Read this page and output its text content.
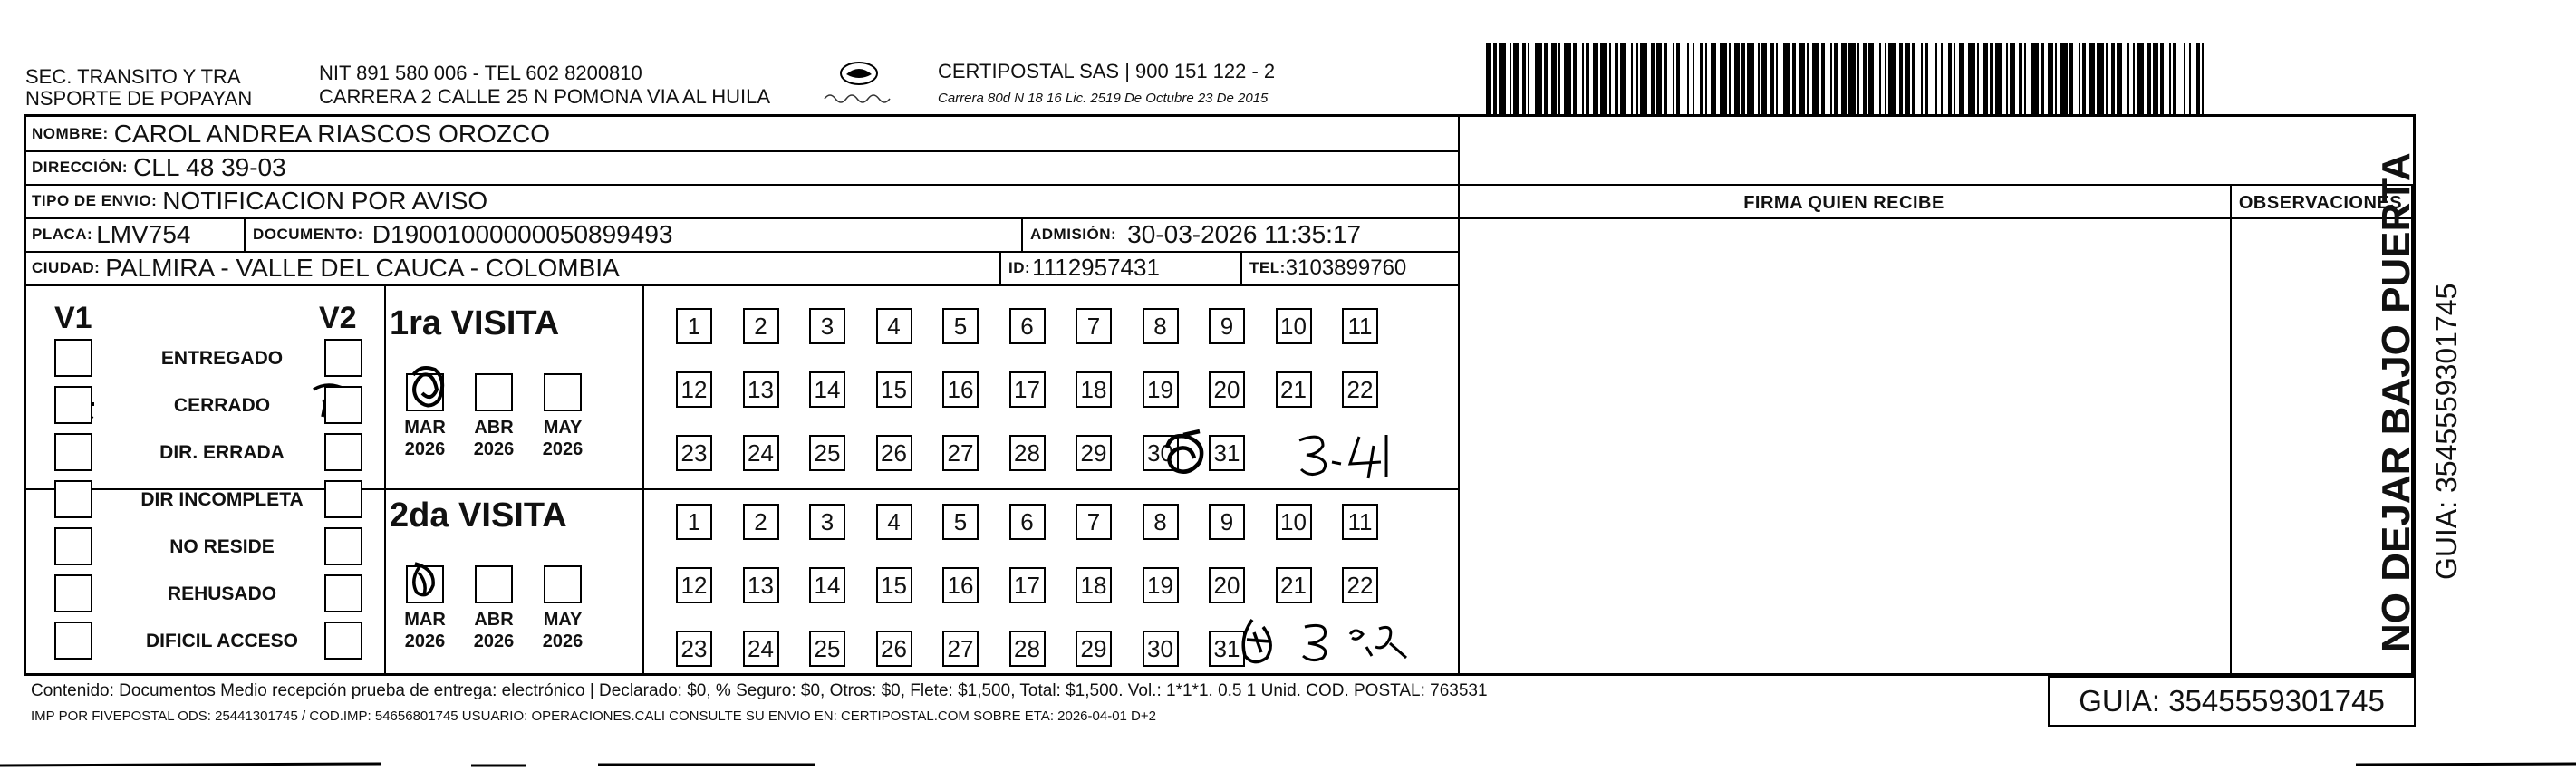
SEC. TRANSITO Y TRA
NSPORTE DE POPAYAN
NIT 891 580 006 - TEL 602 8200810
CARRERA 2 CALLE 25 N POMONA VIA AL HUILA
CERTIPOSTAL SAS | 900 151 122 - 2
Carrera 80d N 18 16 Lic. 2519 De Octubre 23 De 2015
NOMBRE: CAROL ANDREA RIASCOS OROZCO
DIRECCIÓN: CLL 48 39-03
TIPO DE ENVIO: NOTIFICACION POR AVISO
PLACA: LMV754	DOCUMENTO: D19001000000050899493	ADMISIÓN: 30-03-2026 11:35:17
CIUDAD: PALMIRA - VALLE DEL CAUCA - COLOMBIA	ID: 1112957431	TEL: 3103899760
FIRMA QUIEN RECIBE	OBSERVACIONES
V1	V2
ENTREGADO
CERRADO
DIR. ERRADA
DIR INCOMPLETA
NO RESIDE
REHUSADO
DIFICIL ACCESO
1ra VISITA
2da VISITA
MAR
2026
ABR
2026
MAY
2026
MAR
2026
ABR
2026
MAY
2026
1	2	3	4	5	6	7	8	9	10 11
12 13 14 15 16 17 18 19 20 21 22
23 24 25 26 27 28 29 30 31
1	2	3	4	5	6	7	8	9	10 11
12 13 14 15 16 17 18 19 20 21 22
23 24 25 26 27 28 29 30 31
Contenido: Documentos Medio recepción prueba de entrega: electrónico | Declarado: $0, % Seguro: $0, Otros: $0, Flete: $1,500, Total: $1,500. Vol.: 1*1*1. 0.5 1 Unid. COD. POSTAL: 763531
IMP POR FIVEPOSTAL ODS: 25441301745 / COD.IMP: 54656801745 USUARIO: OPERACIONES.CALI CONSULTE SU ENVIO EN: CERTIPOSTAL.COM SOBRE ETA: 2026-04-01 D+2	GUIA: 3545559301745
NO DEJAR BAJO PUERTA GUIA: 3545559301745
